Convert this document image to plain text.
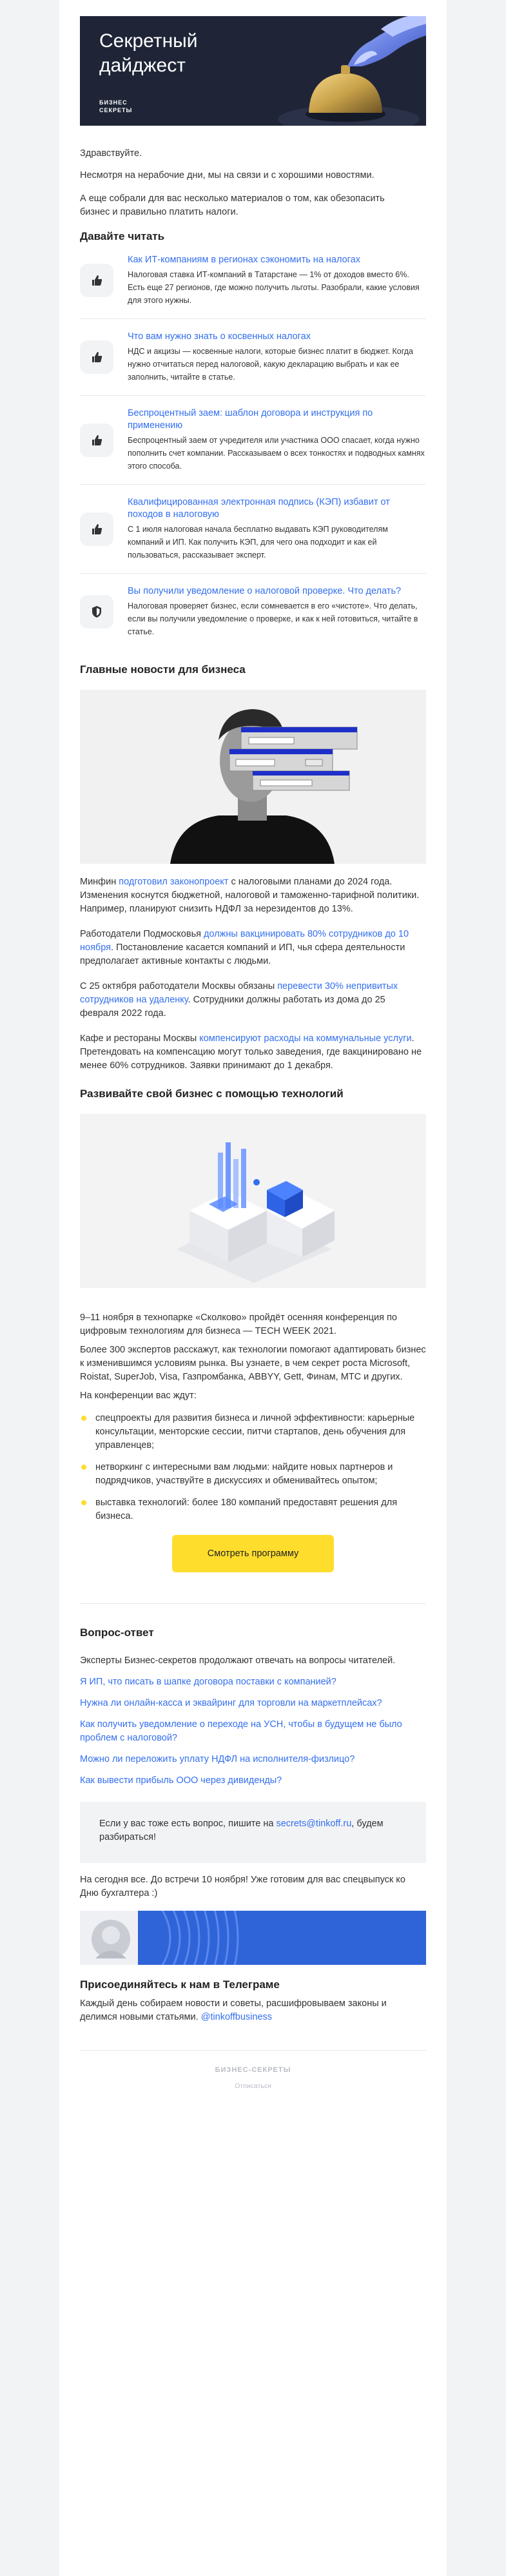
Секретный дайджест
БИЗНЕС СЕКРЕТЫ
Здравствуйте.
Несмотря на нерабочие дни, мы на связи и с хорошими новостями.
А еще собрали для вас несколько материалов о том, как обезопасить бизнес и правильно платить налоги.
Давайте читать
Как ИТ-компаниям в регионах сэкономить на налогах
Налоговая ставка ИТ-компаний в Татарстане — 1% от доходов вместо 6%. Есть еще 27 регионов, где можно получить льготы. Разобрали, какие условия для этого нужны.
Что вам нужно знать о косвенных налогах
НДС и акцизы — косвенные налоги, которые бизнес платит в бюджет. Когда нужно отчитаться перед налоговой, какую декларацию выбрать и как ее заполнить, читайте в статье.
Беспроцентный заем: шаблон договора и инструкция по применению
Беспроцентный заем от учредителя или участника ООО спасает, когда нужно пополнить счет компании. Рассказываем о всех тонкостях и подводных камнях этого способа.
Квалифицированная электронная подпись (КЭП) избавит от походов в налоговую
С 1 июля налоговая начала бесплатно выдавать КЭП руководителям компаний и ИП. Как получить КЭП, для чего она подходит и как ей пользоваться, рассказывает эксперт.
Вы получили уведомление о налоговой проверке. Что делать?
Налоговая проверяет бизнес, если сомневается в его «чистоте». Что делать, если вы получили уведомление о проверке, и как к ней готовиться, читайте в статье.
Главные новости для бизнеса

Минфин подготовил законопроект с налоговыми планами до 2024 года. Изменения коснутся бюджетной, налоговой и таможенно-тарифной политики. Например, планируют снизить НДФЛ за нерезидентов до 13%.

Работодатели Подмосковья должны вакцинировать 80% сотрудников до 10 ноября. Постановление касается компаний и ИП, чья сфера деятельности предполагает активные контакты с людьми.

С 25 октября работодатели Москвы обязаны перевести 30% непривитых сотрудников на удаленку. Сотрудники должны работать из дома до 25 февраля 2022 года.

Кафе и рестораны Москвы компенсируют расходы на коммунальные услуги. Претендовать на компенсацию могут только заведения, где вакцинировано не менее 60% сотрудников. Заявки принимают до 1 декабря.

Развивайте свой бизнес с помощью технологий
9–11 ноября в технопарке «Сколково» пройдёт осенняя конференция по цифровым технологиям для бизнеса — TECH WEEK 2021.
Более 300 экспертов расскажут, как технологии помогают адаптировать бизнес к изменившимся условиям рынка. Вы узнаете, в чем секрет роста Microsoft, Roistat, SuperJob, Visa, Газпромбанка, ABBYY, Gett, Финам, МТС и других.
На конференции вас ждут:
спецпроекты для развития бизнеса и личной эффективности: карьерные консультации, менторские сессии, питчи стартапов, день обучения для управленцев;
нетворкинг с интересными вам людьми: найдите новых партнеров и подрядчиков, участвуйте в дискуссиях и обменивайтесь опытом;
выставка технологий: более 180 компаний предоставят решения для бизнеса.
Смотреть программу
Вопрос-ответ
Эксперты Бизнес-секретов продолжают отвечать на вопросы читателей.
Я ИП, что писать в шапке договора поставки с компанией?
Нужна ли онлайн-касса и эквайринг для торговли на маркетплейсах?
Как получить уведомление о переходе на УСН, чтобы в будущем не было проблем с налоговой?
Можно ли переложить уплату НДФЛ на исполнителя-физлицо?
Как вывести прибыль ООО через дивиденды?
Если у вас тоже есть вопрос, пишите на secrets@tinkoff.ru, будем разбираться!
На сегодня все. До встречи 10 ноября! Уже готовим для вас спецвыпуск ко Дню бухгалтера :)
Присоединяйтесь к нам в Телеграме
Каждый день собираем новости и советы, расшифровываем законы и делимся новыми статьями. @tinkoffbusiness
БИЗНЕС-СЕКРЕТЫ
Отписаться
